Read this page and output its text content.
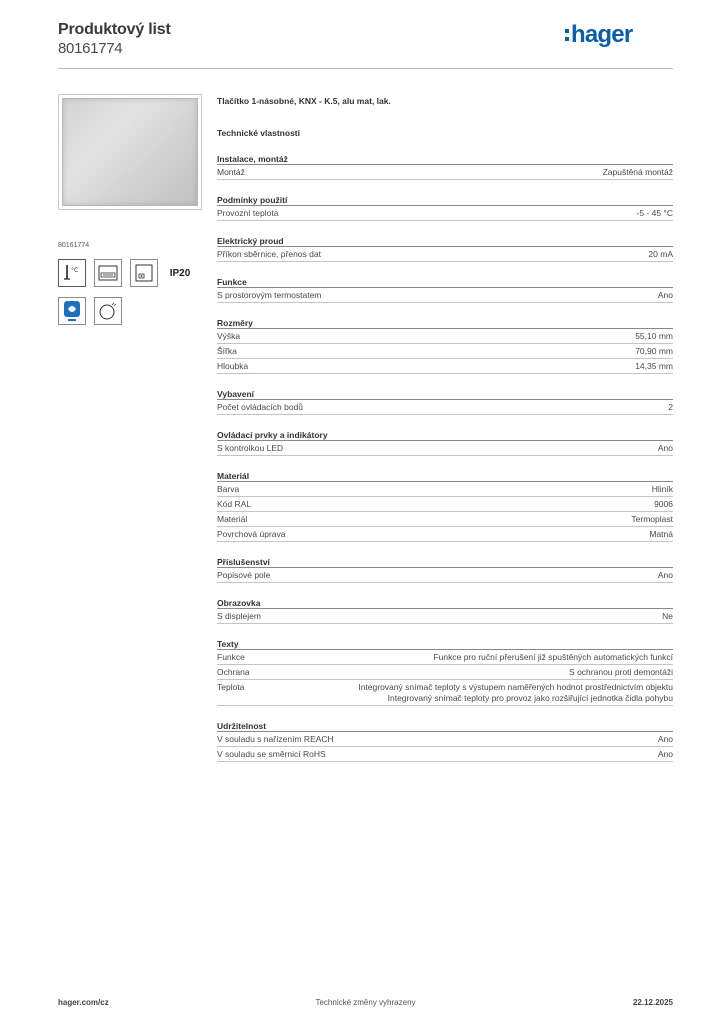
Produktový list
80161774
hager
80161774
°C	IP20
Tlačítko 1-násobné, KNX - K.5, alu mat, lak.
Technické vlastnosti
Instalace, montáž
Montáž	Zapuštěná montáž
Podmínky použití
Provozní teplota	-5 - 45 °C
Elektrický proud
Příkon sběrnice, přenos dat	20 mA
Funkce
S prostorovým termostatem	Ano
Rozměry
Výška	55,10 mm
Šířka	70,90 mm
Hloubka	14,35 mm
Vybavení
Počet ovládacích bodů	2
Ovládací prvky a indikátory
S kontrolkou LED	Ano
Materiál
Barva	Hliník
Kód RAL	9006
Materiál	Termoplast
Povrchová úprava	Matná
Příslušenství
Popisové pole	Ano
Obrazovka
S displejem	Ne
Texty
Funkce	Funkce pro ruční přerušení již spuštěných automatických funkcí
Ochrana	S ochranou proti demontáži
Teplota	Integrovaný snímač teploty s výstupem naměřených hodnot prostřednictvím objektu
Integrovaný snímač teploty pro provoz jako rozšiřující jednotka čidla pohybu
Udržitelnost
V souladu s nařízením REACH	Ano
V souladu se směrnicí RoHS	Ano
hager.com/cz	Technické změny vyhrazeny	22.12.2025
